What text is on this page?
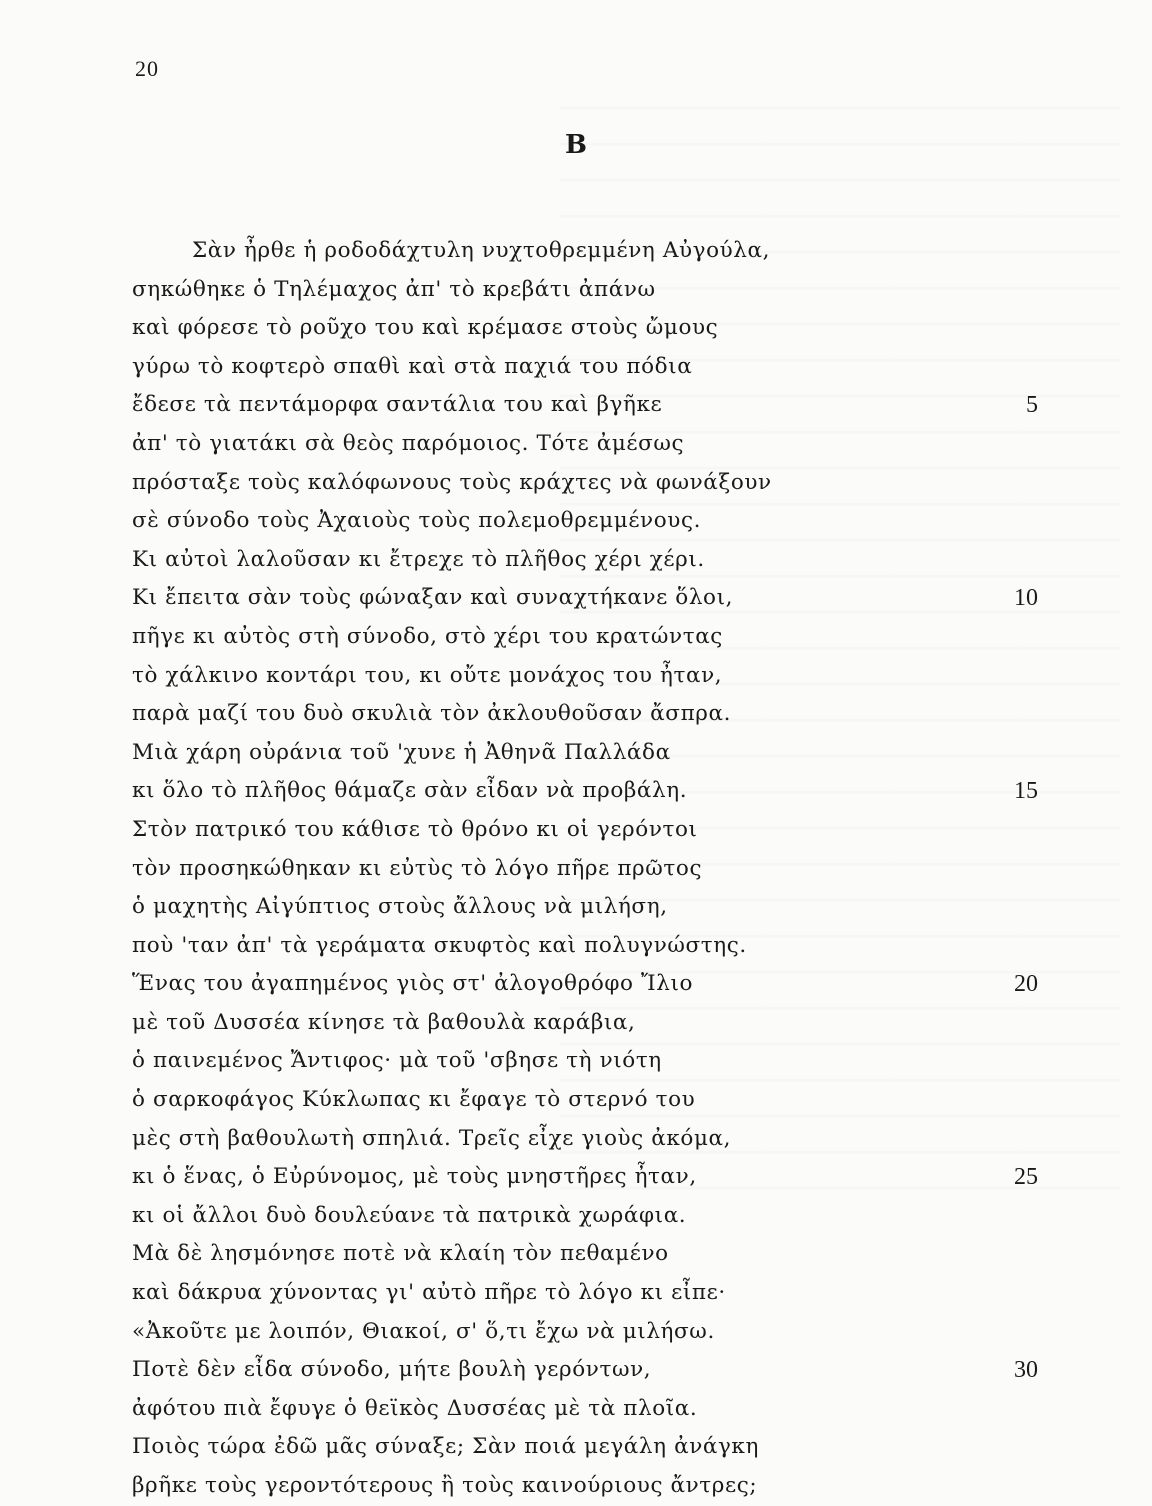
20
B
Σὰν ἦρθε ἡ ροδοδάχτυλη νυχτοθρεμμένη Αὐγούλα,
σηκώθηκε ὁ Τηλέμαχος ἀπ' τὸ κρεβάτι ἀπάνω
καὶ φόρεσε τὸ ροῦχο του καὶ κρέμασε στοὺς ὤμους
γύρω τὸ κοφτερὸ σπαθὶ καὶ στὰ παχιά του πόδια
ἔδεσε τὰ πεντάμορφα σαντάλια του καὶ βγῆκε	5
ἀπ' τὸ γιατάκι σὰ θεὸς παρόμοιος. Τότε ἀμέσως
πρόσταξε τοὺς καλόφωνους τοὺς κράχτες νὰ φωνάξουν
σὲ σύνοδο τοὺς Ἀχαιοὺς τοὺς πολεμοθρεμμένους.
Κι αὐτοὶ λαλοῦσαν κι ἔτρεχε τὸ πλῆθος χέρι χέρι.
Κι ἔπειτα σὰν τοὺς φώναξαν καὶ συναχτήκανε ὅλοι,	10
πῆγε κι αὐτὸς στὴ σύνοδο, στὸ χέρι του κρατώντας
τὸ χάλκινο κοντάρι του, κι οὔτε μονάχος του ἦταν,
παρὰ μαζί του δυὸ σκυλιὰ τὸν ἀκλουθοῦσαν ἄσπρα.
Μιὰ χάρη οὐράνια τοῦ 'χυνε ἡ Ἀθηνᾶ Παλλάδα
κι ὅλο τὸ πλῆθος θάμαζε σὰν εἶδαν νὰ προβάλη.	15
Στὸν πατρικό του κάθισε τὸ θρόνο κι οἱ γερόντοι
τὸν προσηκώθηκαν κι εὐτὺς τὸ λόγο πῆρε πρῶτος
ὁ μαχητὴς Αἰγύπτιος στοὺς ἄλλους νὰ μιλήση,
ποὺ 'ταν ἀπ' τὰ γεράματα σκυφτὸς καὶ πολυγνώστης.
Ἕνας του ἀγαπημένος γιὸς στ' ἀλογοθρόφο Ἴλιο	20
μὲ τοῦ Δυσσέα κίνησε τὰ βαθουλὰ καράβια,
ὁ παινεμένος Ἄντιφος· μὰ τοῦ 'σβησε τὴ νιότη
ὁ σαρκοφάγος Κύκλωπας κι ἔφαγε τὸ στερνό του
μὲς στὴ βαθουλωτὴ σπηλιά. Τρεῖς εἶχε γιοὺς ἀκόμα,
κι ὁ ἕνας, ὁ Εὐρύνομος, μὲ τοὺς μνηστῆρες ἦταν,	25
κι οἱ ἄλλοι δυὸ δουλεύανε τὰ πατρικὰ χωράφια.
Μὰ δὲ λησμόνησε ποτὲ νὰ κλαίη τὸν πεθαμένο
καὶ δάκρυα χύνοντας γι' αὐτὸ πῆρε τὸ λόγο κι εἶπε·
«Ἀκοῦτε με λοιπόν, Θιακοί, σ' ὅ,τι ἔχω νὰ μιλήσω.
Ποτὲ δὲν εἶδα σύνοδο, μήτε βουλὴ γερόντων,	30
ἀφότου πιὰ ἔφυγε ὁ θεϊκὸς Δυσσέας μὲ τὰ πλοῖα.
Ποιὸς τώρα ἐδῶ μᾶς σύναξε; Σὰν ποιά μεγάλη ἀνάγκη
βρῆκε τοὺς γεροντότερους ἢ τοὺς καινούριους ἄντρες;
